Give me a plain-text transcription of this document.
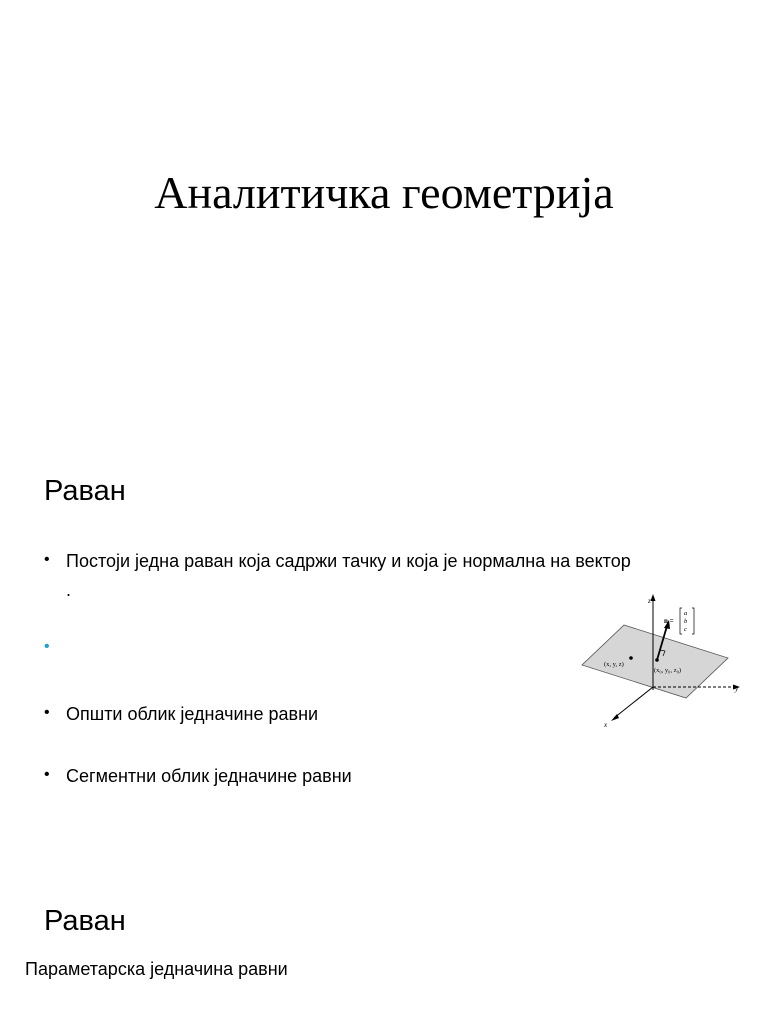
Аналитичка геометрија
Раван
• Постоји једна раван која садржи тачку и која је нормална на вектор
.
•
• Општи облик једначине равни
• Сегментни облик једначине равни
z
y
x
n =
a
b
c
(x, y, z)
(x₀, y₀, z₀)
Раван
Параметарска једначина равни
